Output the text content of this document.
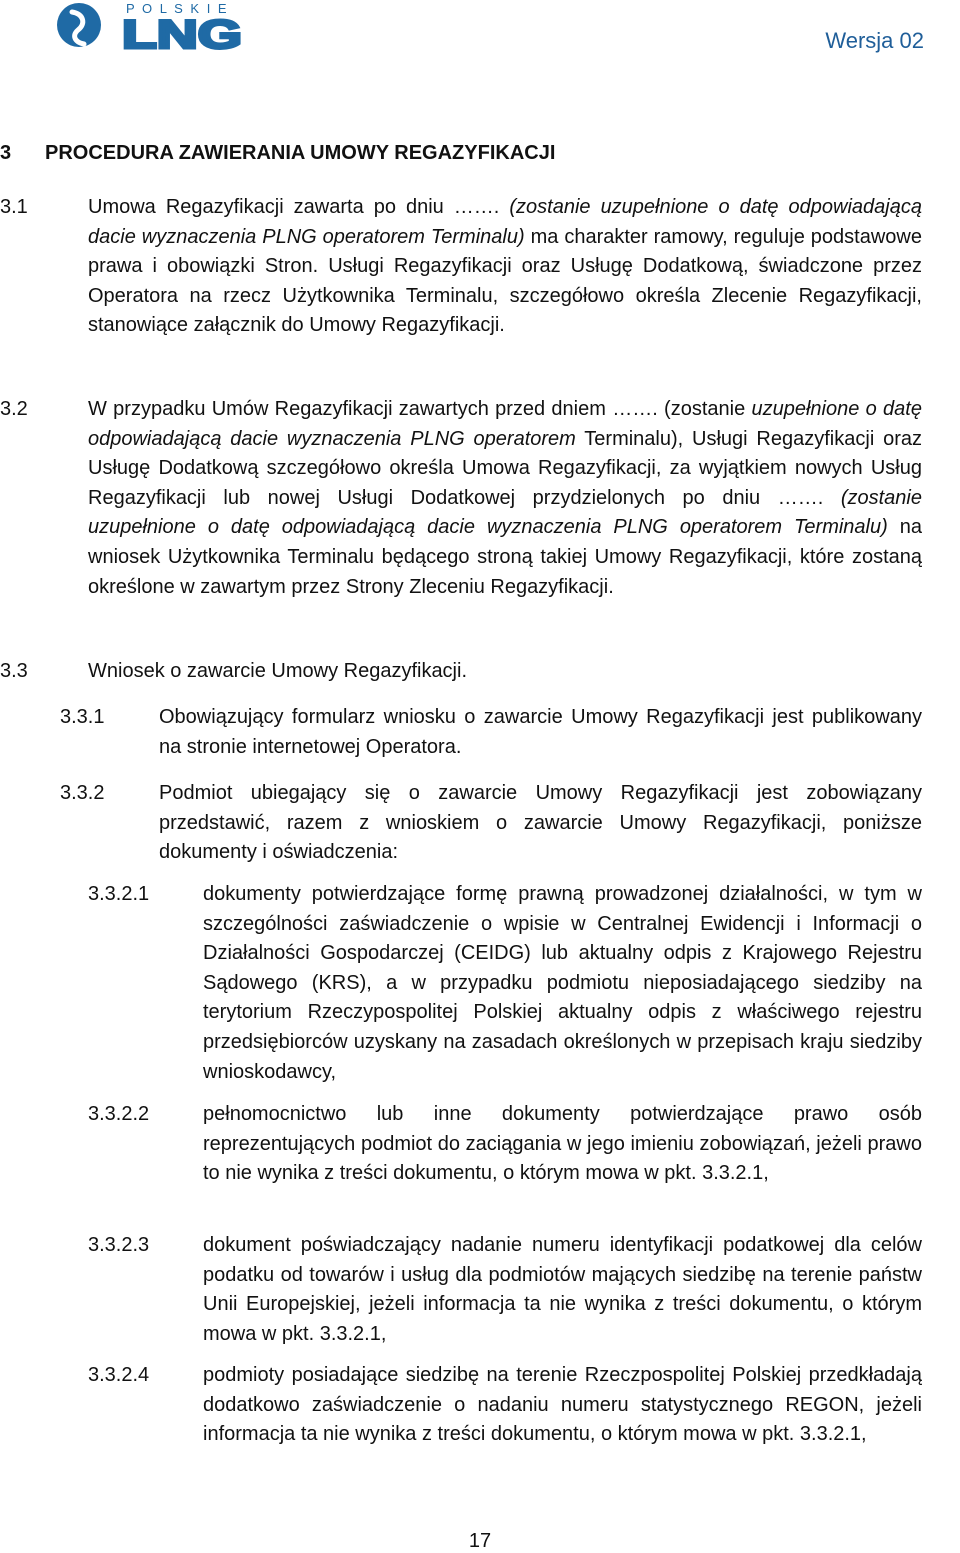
P O L S K I E
LNG	Wersja 02
3 PROCEDURA ZAWIERANIA UMOWY REGAZYFIKACJI
3.1	Umowa Regazyfikacji zawarta po dniu ……. (zostanie uzupełnione o datę odpowiadającą dacie wyznaczenia PLNG operatorem Terminalu) ma charakter ramowy, reguluje podstawowe prawa i obowiązki Stron. Usługi Regazyfikacji oraz Usługę Dodatkową, świadczone przez Operatora na rzecz Użytkownika Terminalu, szczegółowo określa Zlecenie Regazyfikacji, stanowiące załącznik do Umowy Regazyfikacji.
3.2	W przypadku Umów Regazyfikacji zawartych przed dniem ……. (zostanie uzupełnione o datę odpowiadającą dacie wyznaczenia PLNG operatorem Terminalu), Usługi Regazyfikacji oraz Usługę Dodatkową szczegółowo określa Umowa Regazyfikacji, za wyjątkiem nowych Usług Regazyfikacji lub nowej Usługi Dodatkowej przydzielonych po dniu ……. (zostanie uzupełnione o datę odpowiadającą dacie wyznaczenia PLNG operatorem Terminalu) na wniosek Użytkownika Terminalu będącego stroną takiej Umowy Regazyfikacji, które zostaną określone w zawartym przez Strony Zleceniu Regazyfikacji.
3.3	Wniosek o zawarcie Umowy Regazyfikacji.
3.3.1	Obowiązujący formularz wniosku o zawarcie Umowy Regazyfikacji jest publikowany na stronie internetowej Operatora.
3.3.2	Podmiot ubiegający się o zawarcie Umowy Regazyfikacji jest zobowiązany przedstawić, razem z wnioskiem o zawarcie Umowy Regazyfikacji, poniższe dokumenty i oświadczenia:
3.3.2.1	dokumenty potwierdzające formę prawną prowadzonej działalności, w tym w szczególności zaświadczenie o wpisie w Centralnej Ewidencji i Informacji o Działalności Gospodarczej (CEIDG) lub aktualny odpis z Krajowego Rejestru Sądowego (KRS), a w przypadku podmiotu nieposiadającego siedziby na terytorium Rzeczypospolitej Polskiej aktualny odpis z właściwego rejestru przedsiębiorców uzyskany na zasadach określonych w przepisach kraju siedziby wnioskodawcy,
3.3.2.2	pełnomocnictwo lub inne dokumenty potwierdzające prawo osób reprezentujących podmiot do zaciągania w jego imieniu zobowiązań, jeżeli prawo to nie wynika z treści dokumentu, o którym mowa w pkt. 3.3.2.1,
3.3.2.3	dokument poświadczający nadanie numeru identyfikacji podatkowej dla celów podatku od towarów i usług dla podmiotów mających siedzibę na terenie państw Unii Europejskiej, jeżeli informacja ta nie wynika z treści dokumentu, o którym mowa w pkt. 3.3.2.1,
3.3.2.4	podmioty posiadające siedzibę na terenie Rzeczpospolitej Polskiej przedkładają dodatkowo zaświadczenie o nadaniu numeru statystycznego REGON, jeżeli informacja ta nie wynika z treści dokumentu, o którym mowa w pkt. 3.3.2.1,
17
